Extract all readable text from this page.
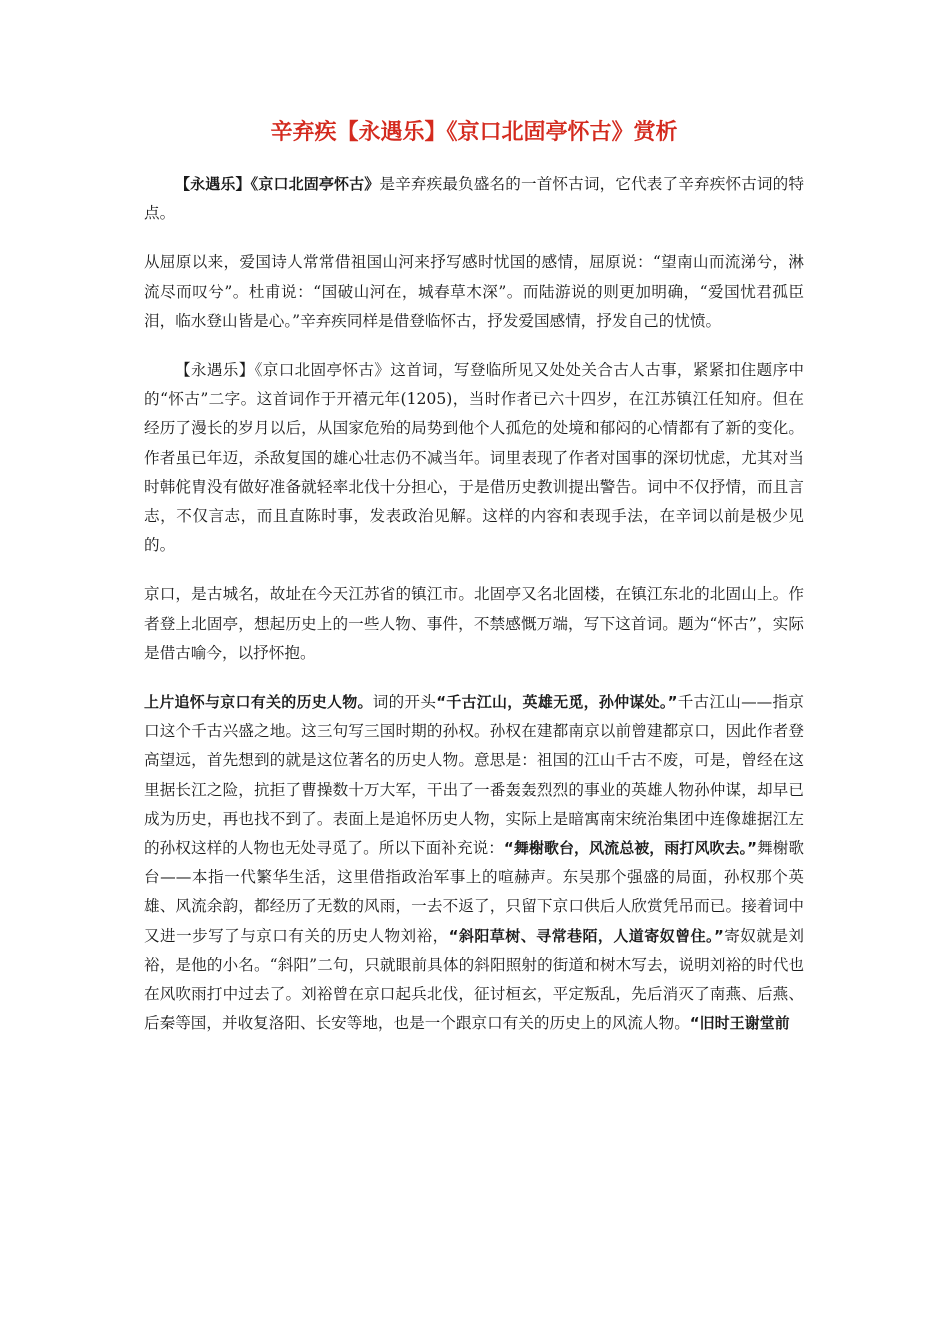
辛弃疾【永遇乐】《京口北固亭怀古》赏析

【永遇乐】《京口北固亭怀古》是辛弃疾最负盛名的一首怀古词，它代表了辛弃疾怀古词的特点。

从屈原以来，爱国诗人常常借祖国山河来抒写感时忧国的感情，屈原说：“望南山而流涕兮，淋流尽而叹兮”。杜甫说：“国破山河在，城春草木深”。而陆游说的则更加明确，“爱国忧君孤臣泪，临水登山皆是心。”辛弃疾同样是借登临怀古，抒发爱国感情，抒发自己的忧愤。

【永遇乐】《京口北固亭怀古》这首词，写登临所见又处处关合古人古事，紧紧扣住题序中的“怀古”二字。这首词作于开禧元年(1205)，当时作者已六十四岁，在江苏镇江任知府。但在经历了漫长的岁月以后，从国家危殆的局势到他个人孤危的处境和郁闷的心情都有了新的变化。作者虽已年迈，杀敌复国的雄心壮志仍不减当年。词里表现了作者对国事的深切忧虑，尤其对当时韩侂胄没有做好准备就轻率北伐十分担心，于是借历史教训提出警告。词中不仅抒情，而且言志，不仅言志，而且直陈时事，发表政治见解。这样的内容和表现手法，在辛词以前是极少见的。

京口，是古城名，故址在今天江苏省的镇江市。北固亭又名北固楼，在镇江东北的北固山上。作者登上北固亭，想起历史上的一些人物、事件，不禁感慨万端，写下这首词。题为“怀古”，实际是借古喻今，以抒怀抱。

上片追怀与京口有关的历史人物。词的开头“千古江山，英雄无觅，孙仲谋处。”千古江山——指京口这个千古兴盛之地。这三句写三国时期的孙权。孙权在建都南京以前曾建都京口，因此作者登高望远，首先想到的就是这位著名的历史人物。意思是：祖国的江山千古不废，可是，曾经在这里据长江之险，抗拒了曹操数十万大军，干出了一番轰轰烈烈的事业的英雄人物孙仲谋，却早已成为历史，再也找不到了。表面上是追怀历史人物，实际上是暗寓南宋统治集团中连像雄据江左的孙权这样的人物也无处寻觅了。所以下面补充说：“舞榭歌台，风流总被，雨打风吹去。”舞榭歌台——本指一代繁华生活，这里借指政治军事上的喧赫声。东吴那个强盛的局面，孙权那个英雄、风流余韵，都经历了无数的风雨，一去不返了，只留下京口供后人欣赏凭吊而已。接着词中又进一步写了与京口有关的历史人物刘裕，“斜阳草树、寻常巷陌，人道寄奴曾住。”寄奴就是刘裕，是他的小名。“斜阳”二句，只就眼前具体的斜阳照射的街道和树木写去，说明刘裕的时代也在风吹雨打中过去了。刘裕曾在京口起兵北伐，征讨桓玄，平定叛乱，先后消灭了南燕、后燕、后秦等国，并收复洛阳、长安等地，也是一个跟京口有关的历史上的风流人物。“旧时王谢堂前
